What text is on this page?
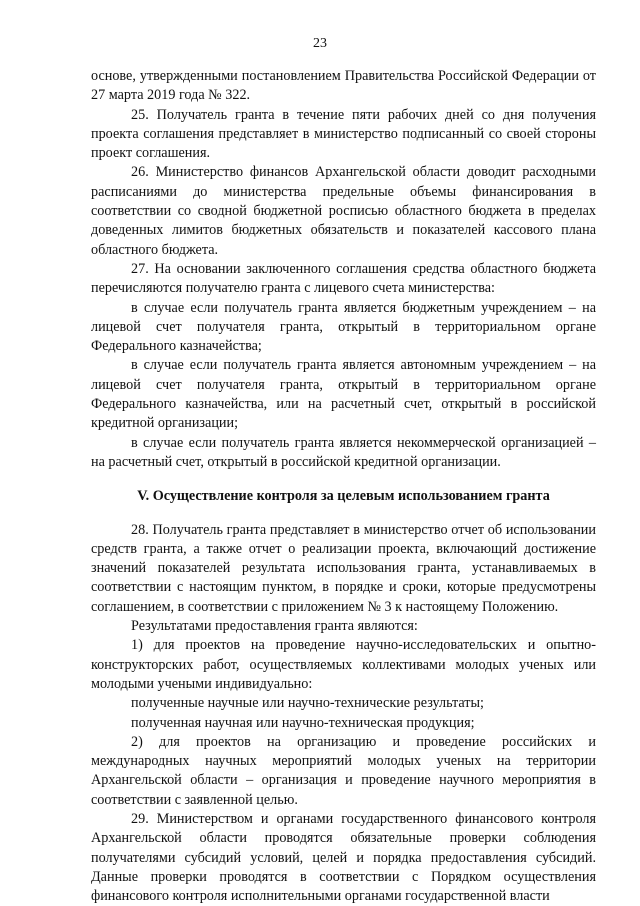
23

основе, утвержденными постановлением Правительства Российской Федерации от 27 марта 2019 года № 322.

25. Получатель гранта в течение пяти рабочих дней со дня получения проекта соглашения представляет в министерство подписанный со своей стороны проект соглашения.

26. Министерство финансов Архангельской области доводит расходными расписаниями до министерства предельные объемы финансирования в соответствии со сводной бюджетной росписью областного бюджета в пределах доведенных лимитов бюджетных обязательств и показателей кассового плана областного бюджета.

27. На основании заключенного соглашения средства областного бюджета перечисляются получателю гранта с лицевого счета министерства:

в случае если получатель гранта является бюджетным учреждением – на лицевой счет получателя гранта, открытый в территориальном органе Федерального казначейства;

в случае если получатель гранта является автономным учреждением – на лицевой счет получателя гранта, открытый в территориальном органе Федерального казначейства, или на расчетный счет, открытый в российской кредитной организации;

в случае если получатель гранта является некоммерческой организацией – на расчетный счет, открытый в российской кредитной организации.

V. Осуществление контроля за целевым использованием гранта

28. Получатель гранта представляет в министерство отчет об использовании средств гранта, а также отчет о реализации проекта, включающий достижение значений показателей результата использования гранта, устанавливаемых в соответствии с настоящим пунктом, в порядке и сроки, которые предусмотрены соглашением, в соответствии с приложением № 3 к настоящему Положению.

Результатами предоставления гранта являются:

1) для проектов на проведение научно-исследовательских и опытно-конструкторских работ, осуществляемых коллективами молодых ученых или молодыми учеными индивидуально:

полученные научные или научно-технические результаты;

полученная научная или научно-техническая продукция;

2) для проектов на организацию и проведение российских и международных научных мероприятий молодых ученых на территории Архангельской области – организация и проведение научного мероприятия в соответствии с заявленной целью.

29. Министерством и органами государственного финансового контроля Архангельской области проводятся обязательные проверки соблюдения получателями субсидий условий, целей и порядка предоставления субсидий. Данные проверки проводятся в соответствии с Порядком осуществления финансового контроля исполнительными органами государственной власти
